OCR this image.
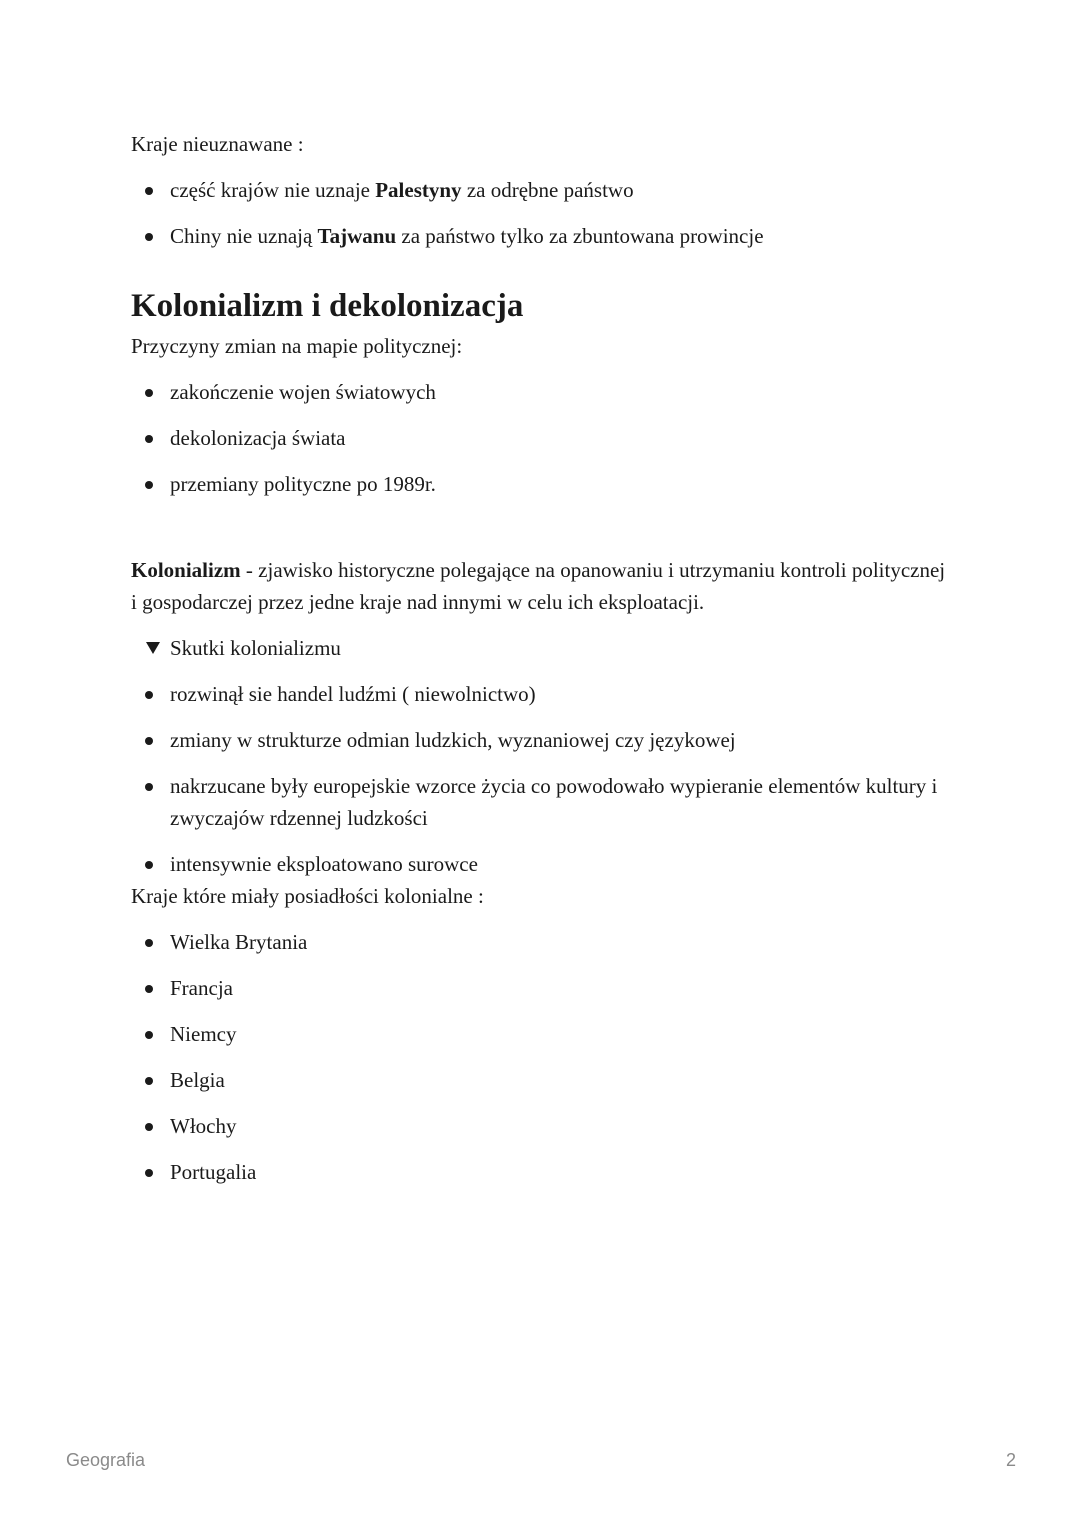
Kraje nieuznawane :

część krajów nie uznaje Palestyny za odrębne państwo
Chiny nie uznają Tajwanu za państwo tylko za zbuntowana prowincje
Kolonializm i dekolonizacja

Przyczyny zmian na mapie politycznej:

zakończenie wojen światowych
dekolonizacja świata
przemiany polityczne po 1989r.

Kolonializm - zjawisko historyczne polegające na opanowaniu i utrzymaniu kontroli politycznej i gospodarczej przez jedne kraje nad innymi w celu ich eksploatacji.

Skutki kolonializmu
rozwinął sie handel ludźmi ( niewolnictwo)
zmiany w strukturze odmian ludzkich, wyznaniowej czy językowej
nakrzucane były europejskie wzorce życia co powodowało wypieranie elementów kultury i zwyczajów rdzennej ludzkości
intensywnie eksploatowano surowce

Kraje które miały posiadłości kolonialne :

Wielka Brytania
Francja
Niemcy
Belgia
Włochy
Portugalia
Geografia	2
